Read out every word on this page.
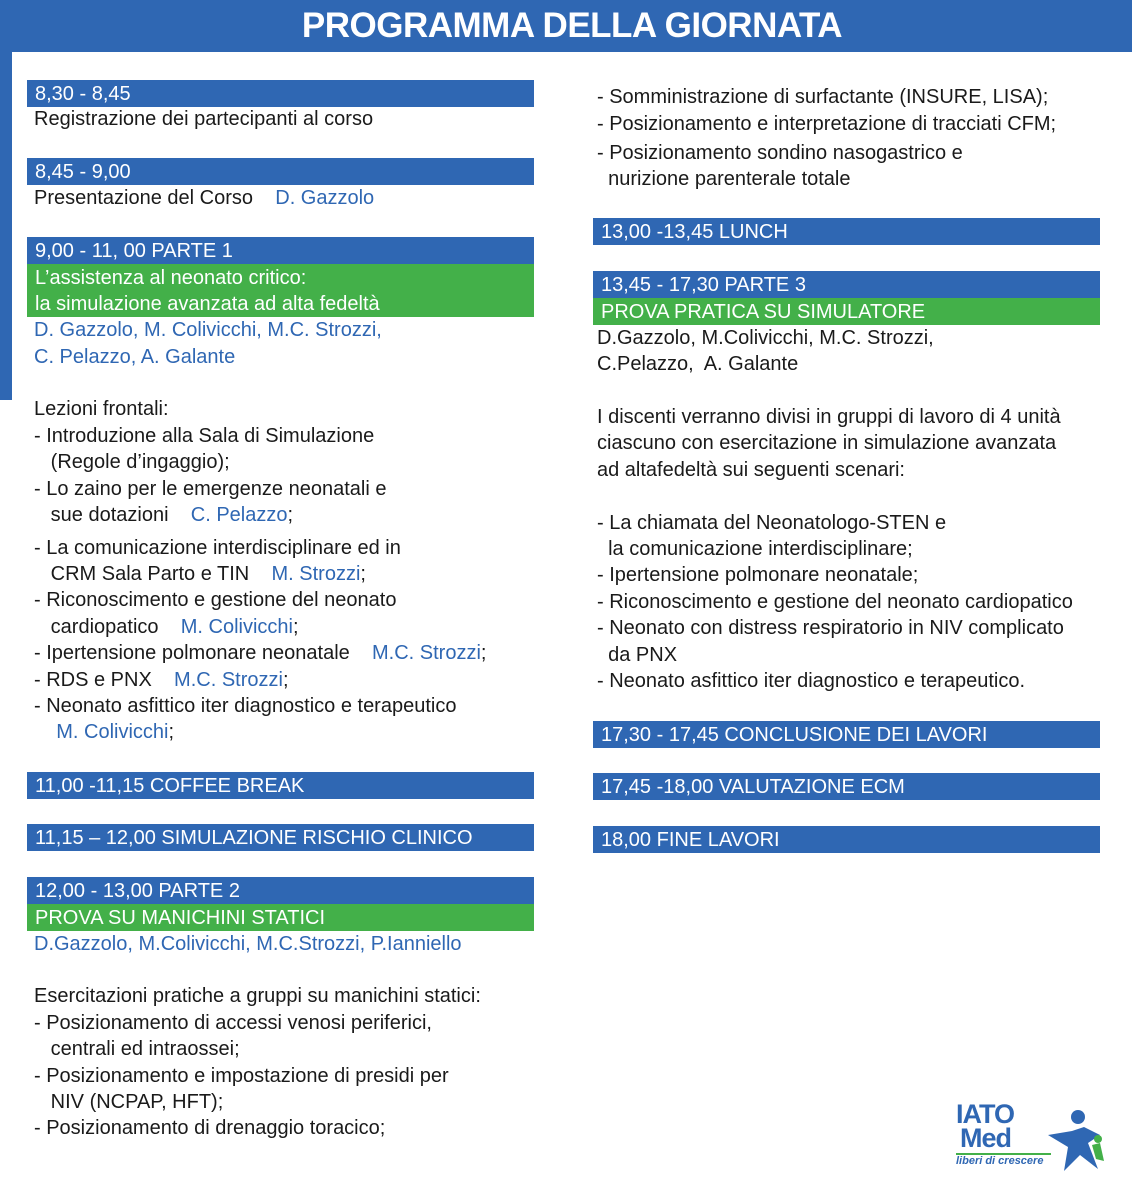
PROGRAMMA DELLA GIORNATA
8,30 - 8,45
Registrazione dei partecipanti al corso
8,45 - 9,00
Presentazione del Corso D. Gazzolo
9,00 - 11, 00 PARTE 1
L’assistenza al neonato critico:
la simulazione avanzata ad alta fedeltà
D. Gazzolo, M. Colivicchi, M.C. Strozzi,
C. Pelazzo, A. Galante
Lezioni frontali:
- Introduzione alla Sala di Simulazione
(Regole d’ingaggio);
- Lo zaino per le emergenze neonatali e
sue dotazioni C. Pelazzo;
- La comunicazione interdisciplinare ed in
CRM Sala Parto e TIN M. Strozzi;
- Riconoscimento e gestione del neonato
cardiopatico M. Colivicchi;
- Ipertensione polmonare neonatale M.C. Strozzi;
- RDS e PNX M.C. Strozzi;
- Neonato asfittico iter diagnostico e terapeutico
M. Colivicchi;
11,00 -11,15 COFFEE BREAK
11,15 – 12,00 SIMULAZIONE RISCHIO CLINICO
12,00 - 13,00 PARTE 2
PROVA SU MANICHINI STATICI
D.Gazzolo, M.Colivicchi, M.C.Strozzi, P.Ianniello
Esercitazioni pratiche a gruppi su manichini statici:
- Posizionamento di accessi venosi periferici,
centrali ed intraossei;
- Posizionamento e impostazione di presidi per
NIV (NCPAP, HFT);
- Posizionamento di drenaggio toracico;
- Somministrazione di surfactante (INSURE, LISA);
- Posizionamento e interpretazione di tracciati CFM;
- Posizionamento sondino nasogastrico e
nurizione parenterale totale
13,00 -13,45 LUNCH
13,45 - 17,30 PARTE 3
PROVA PRATICA SU SIMULATORE
D.Gazzolo, M.Colivicchi, M.C. Strozzi,
C.Pelazzo,  A. Galante
I discenti verranno divisi in gruppi di lavoro di 4 unità
ciascuno con esercitazione in simulazione avanzata
ad altafedeltà sui seguenti scenari:
- La chiamata del Neonatologo-STEN e
la comunicazione interdisciplinare;
- Ipertensione polmonare neonatale;
- Riconoscimento e gestione del neonato cardiopatico
- Neonato con distress respiratorio in NIV complicato
da PNX
- Neonato asfittico iter diagnostico e terapeutico.
17,30 - 17,45 CONCLUSIONE DEI LAVORI
17,45 -18,00 VALUTAZIONE ECM
18,00 FINE LAVORI
IATO
Med
liberi di crescere
